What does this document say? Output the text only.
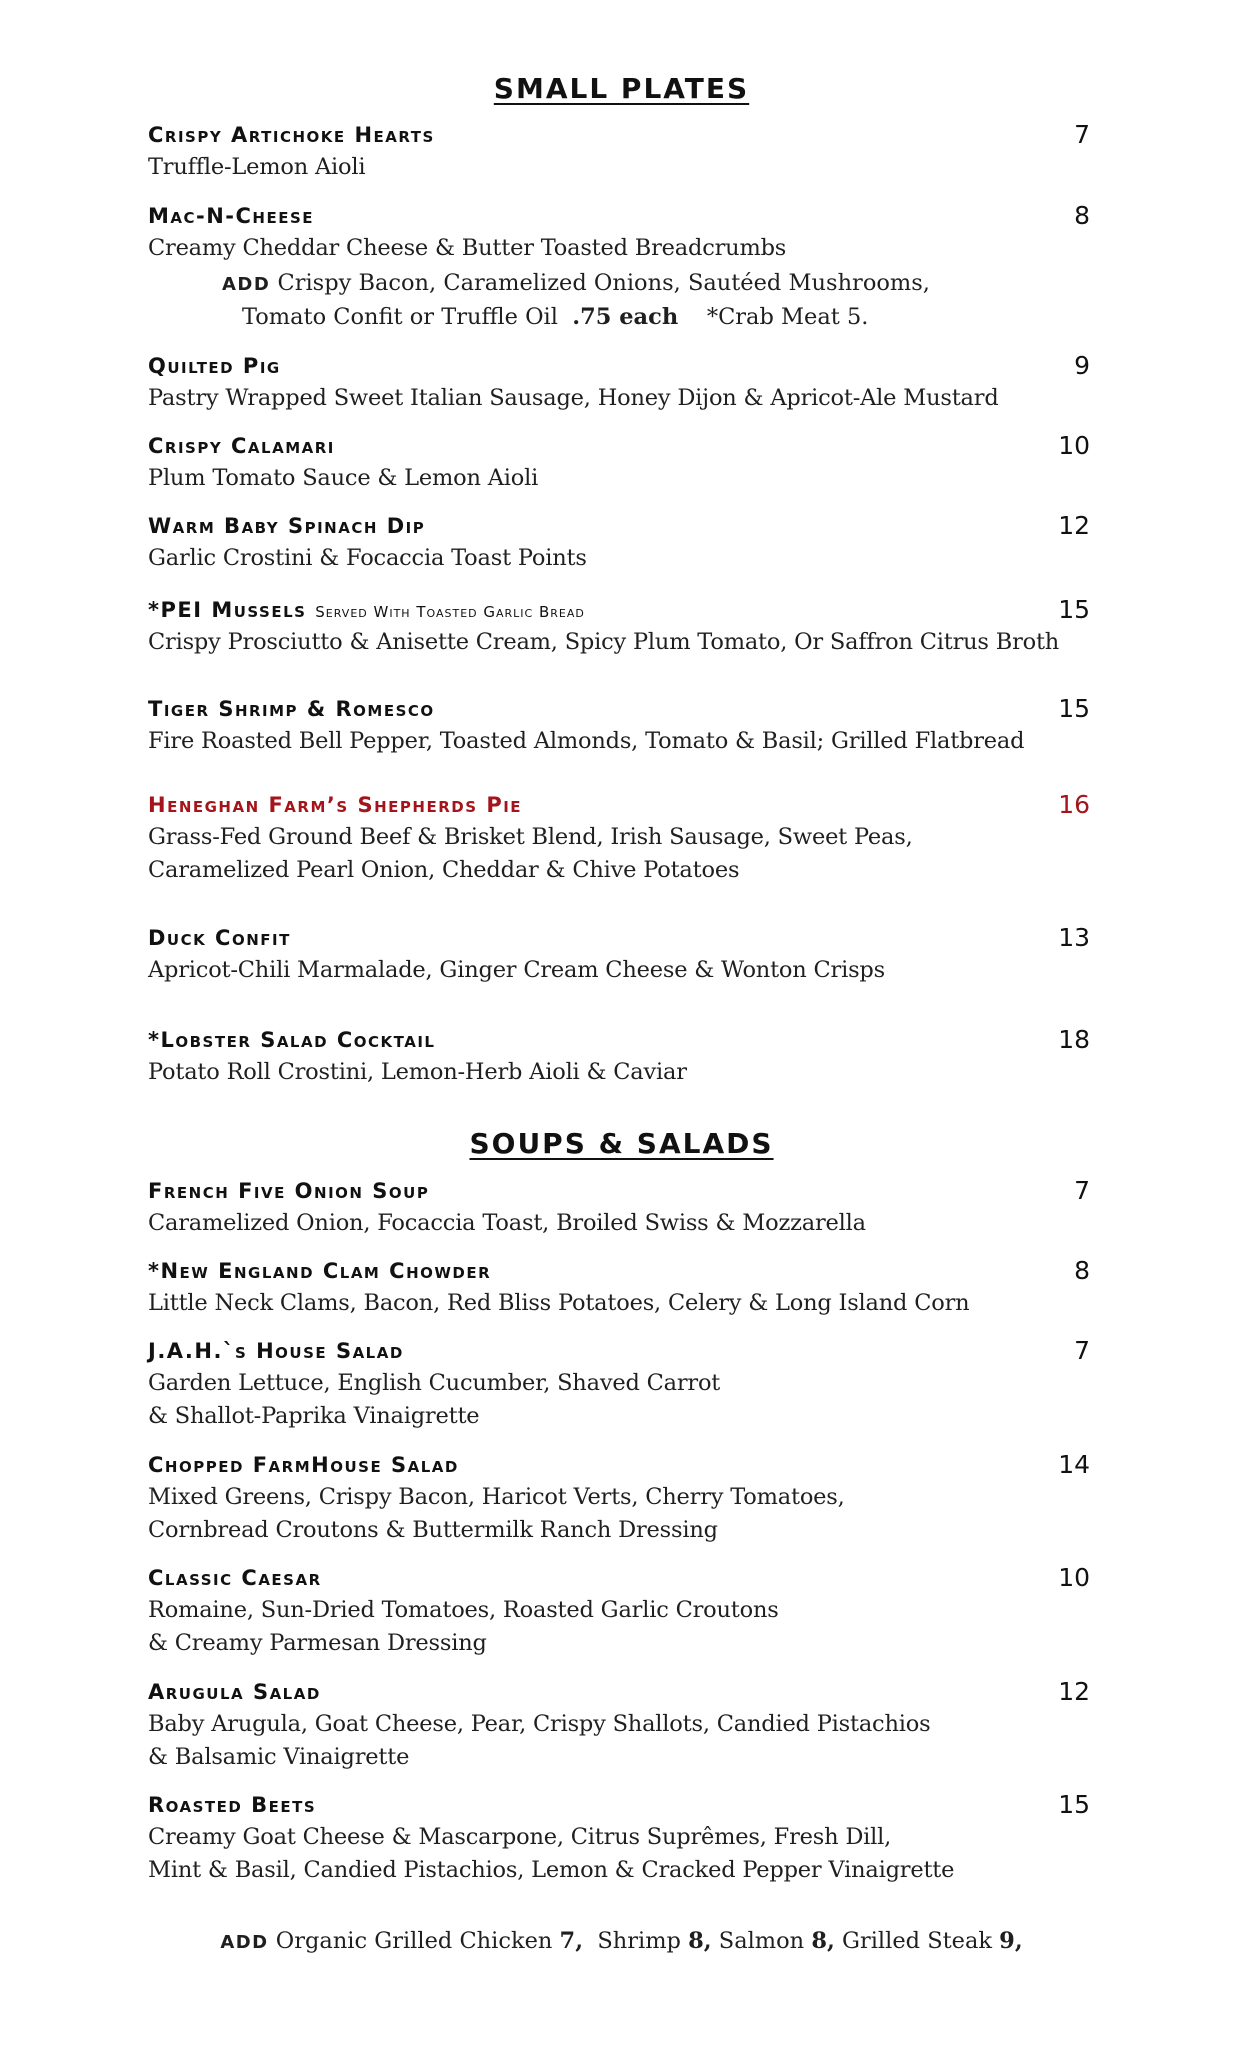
SMALL PLATES
Crispy Artichoke Hearts	7
Truffle-Lemon Aioli
Mac-N-Cheese	8
Creamy Cheddar Cheese & Butter Toasted Breadcrumbs
ADD Crispy Bacon, Caramelized Onions, Sautéed Mushrooms,
Tomato Confit or Truffle Oil .75 each *Crab Meat 5.
Quilted Pig	9
Pastry Wrapped Sweet Italian Sausage, Honey Dijon & Apricot-Ale Mustard
Crispy Calamari	10
Plum Tomato Sauce & Lemon Aioli
Warm Baby Spinach Dip	12
Garlic Crostini & Focaccia Toast Points
*PEI Mussels Served With Toasted Garlic Bread	15
Crispy Prosciutto & Anisette Cream, Spicy Plum Tomato, Or Saffron Citrus Broth
Tiger Shrimp & Romesco	15
Fire Roasted Bell Pepper, Toasted Almonds, Tomato & Basil; Grilled Flatbread
Heneghan Farm’s Shepherds Pie	16
Grass-Fed Ground Beef & Brisket Blend, Irish Sausage, Sweet Peas,
Caramelized Pearl Onion, Cheddar & Chive Potatoes
Duck Confit	13
Apricot-Chili Marmalade, Ginger Cream Cheese & Wonton Crisps
*Lobster Salad Cocktail	18
Potato Roll Crostini, Lemon-Herb Aioli & Caviar
SOUPS & SALADS
French Five Onion Soup	7
Caramelized Onion, Focaccia Toast, Broiled Swiss & Mozzarella
*New England Clam Chowder	8
Little Neck Clams, Bacon, Red Bliss Potatoes, Celery & Long Island Corn
J.A.H.`s House Salad	7
Garden Lettuce, English Cucumber, Shaved Carrot
& Shallot-Paprika Vinaigrette
Chopped FarmHouse Salad	14
Mixed Greens, Crispy Bacon, Haricot Verts, Cherry Tomatoes,
Cornbread Croutons & Buttermilk Ranch Dressing
Classic Caesar	10
Romaine, Sun-Dried Tomatoes, Roasted Garlic Croutons
& Creamy Parmesan Dressing
Arugula Salad	12
Baby Arugula, Goat Cheese, Pear, Crispy Shallots, Candied Pistachios
& Balsamic Vinaigrette
Roasted Beets	15
Creamy Goat Cheese & Mascarpone, Citrus Suprêmes, Fresh Dill,
Mint & Basil, Candied Pistachios, Lemon & Cracked Pepper Vinaigrette
ADD Organic Grilled Chicken 7, Shrimp 8, Salmon 8, Grilled Steak 9,
